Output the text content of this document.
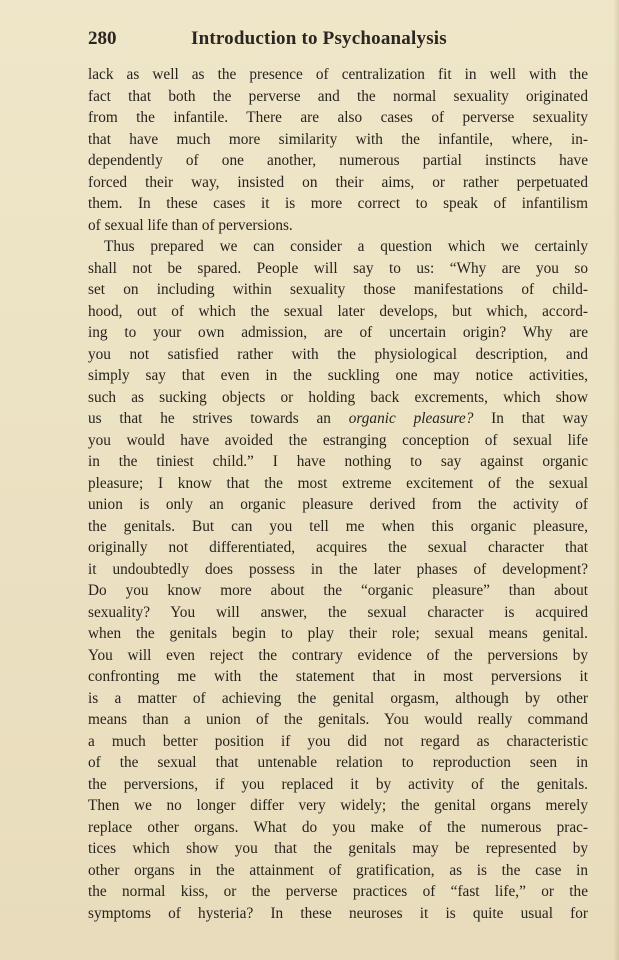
280	Introduction to Psychoanalysis
lack as well as the presence of centralization fit in well with the
fact that both the perverse and the normal sexuality originated
from the infantile. There are also cases of perverse sexuality
that have much more similarity with the infantile, where, in-
dependently of one another, numerous partial instincts have
forced their way, insisted on their aims, or rather perpetuated
them. In these cases it is more correct to speak of infantilism
of sexual life than of perversions.
Thus prepared we can consider a question which we certainly
shall not be spared. People will say to us: “Why are you so
set on including within sexuality those manifestations of child-
hood, out of which the sexual later develops, but which, accord-
ing to your own admission, are of uncertain origin? Why are
you not satisfied rather with the physiological description, and
simply say that even in the suckling one may notice activities,
such as sucking objects or holding back excrements, which show
us that he strives towards an organic pleasure? In that way
you would have avoided the estranging conception of sexual life
in the tiniest child.” I have nothing to say against organic
pleasure; I know that the most extreme excitement of the sexual
union is only an organic pleasure derived from the activity of
the genitals. But can you tell me when this organic pleasure,
originally not differentiated, acquires the sexual character that
it undoubtedly does possess in the later phases of development?
Do you know more about the “organic pleasure” than about
sexuality? You will answer, the sexual character is acquired
when the genitals begin to play their role; sexual means genital.
You will even reject the contrary evidence of the perversions by
confronting me with the statement that in most perversions it
is a matter of achieving the genital orgasm, although by other
means than a union of the genitals. You would really command
a much better position if you did not regard as characteristic
of the sexual that untenable relation to reproduction seen in
the perversions, if you replaced it by activity of the genitals.
Then we no longer differ very widely; the genital organs merely
replace other organs. What do you make of the numerous prac-
tices which show you that the genitals may be represented by
other organs in the attainment of gratification, as is the case in
the normal kiss, or the perverse practices of “fast life,” or the
symptoms of hysteria? In these neuroses it is quite usual for
